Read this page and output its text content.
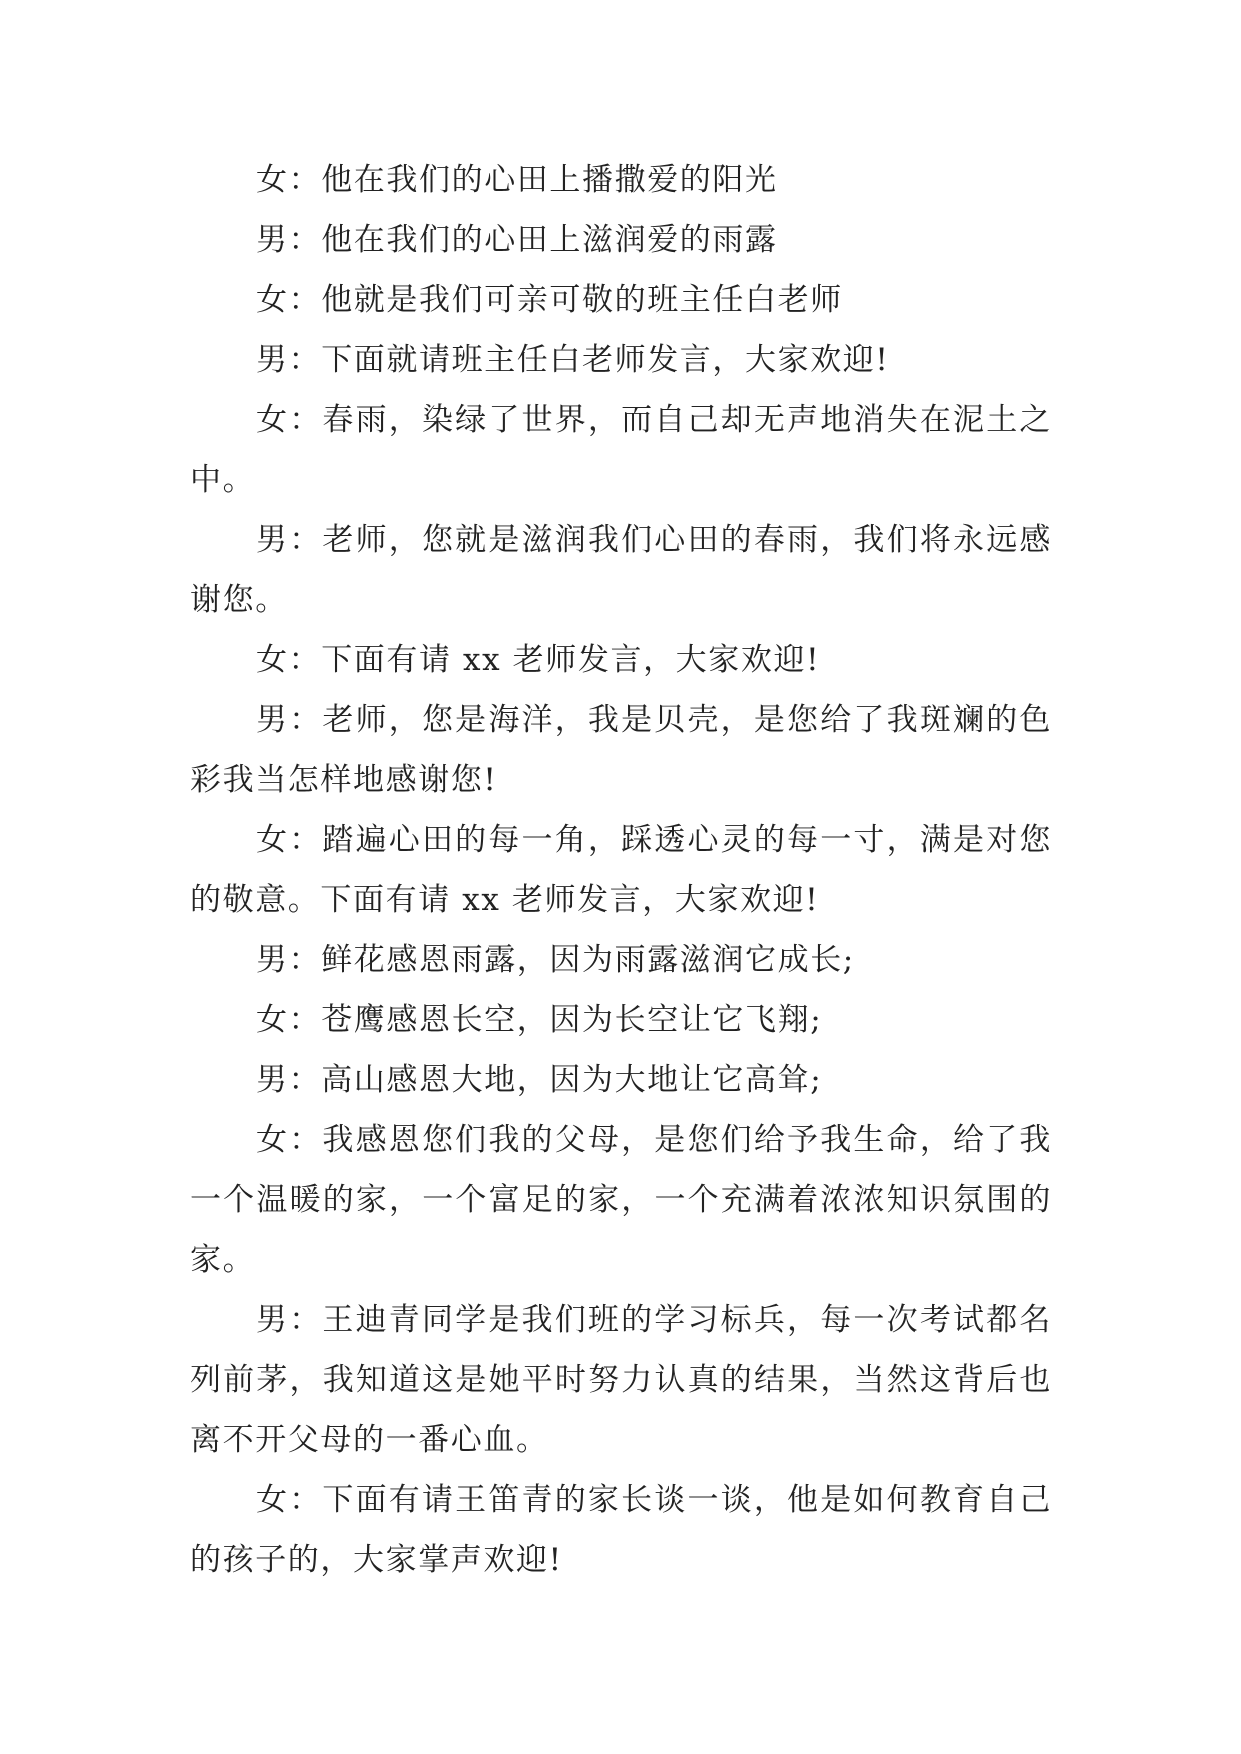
女：他在我们的心田上播撒爱的阳光

男：他在我们的心田上滋润爱的雨露

女：他就是我们可亲可敬的班主任白老师

男：下面就请班主任白老师发言，大家欢迎!

女：春雨，染绿了世界，而自己却无声地消失在泥土之中。

男：老师，您就是滋润我们心田的春雨，我们将永远感谢您。

女：下面有请 xx 老师发言，大家欢迎!

男：老师，您是海洋，我是贝壳，是您给了我斑斓的色彩我当怎样地感谢您!

女：踏遍心田的每一角，踩透心灵的每一寸，满是对您的敬意。下面有请 xx 老师发言，大家欢迎!

男：鲜花感恩雨露，因为雨露滋润它成长;

女：苍鹰感恩长空，因为长空让它飞翔;

男：高山感恩大地，因为大地让它高耸;

女：我感恩您们我的父母，是您们给予我生命，给了我一个温暖的家，一个富足的家，一个充满着浓浓知识氛围的家。

男：王迪青同学是我们班的学习标兵，每一次考试都名列前茅，我知道这是她平时努力认真的结果，当然这背后也离不开父母的一番心血。

女：下面有请王笛青的家长谈一谈，他是如何教育自己的孩子的，大家掌声欢迎!
